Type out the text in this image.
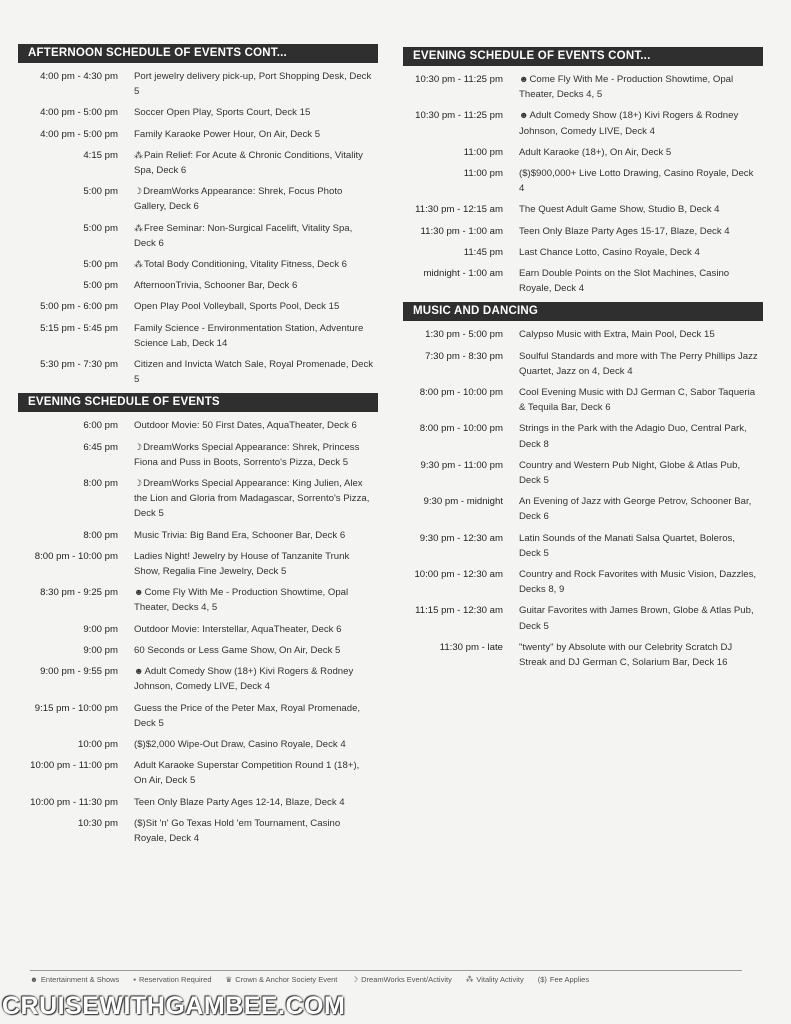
AFTERNOON SCHEDULE OF EVENTS CONT...
4:00 pm - 4:30 pm	Port jewelry delivery pick-up, Port Shopping Desk, Deck 5
4:00 pm - 5:00 pm	Soccer Open Play, Sports Court, Deck 15
4:00 pm - 5:00 pm	Family Karaoke Power Hour, On Air, Deck 5
4:15 pm	⁂Pain Relief: For Acute & Chronic Conditions, Vitality Spa, Deck 6
5:00 pm	☽DreamWorks Appearance: Shrek, Focus Photo Gallery, Deck 6
5:00 pm	⁂Free Seminar: Non-Surgical Facelift, Vitality Spa, Deck 6
5:00 pm	⁂Total Body Conditioning, Vitality Fitness, Deck 6
5:00 pm	AfternoonTrivia, Schooner Bar, Deck 6
5:00 pm - 6:00 pm	Open Play Pool Volleyball, Sports Pool, Deck 15
5:15 pm - 5:45 pm	Family Science - Environmentation Station, Adventure Science Lab, Deck 14
5:30 pm - 7:30 pm	Citizen and Invicta Watch Sale, Royal Promenade, Deck 5
EVENING SCHEDULE OF EVENTS
6:00 pm	Outdoor Movie: 50 First Dates, AquaTheater, Deck 6
6:45 pm	☽DreamWorks Special Appearance: Shrek, Princess Fiona and Puss in Boots, Sorrento's Pizza, Deck 5
8:00 pm	☽DreamWorks Special Appearance: King Julien, Alex the Lion and Gloria from Madagascar, Sorrento's Pizza, Deck 5
8:00 pm	Music Trivia: Big Band Era, Schooner Bar, Deck 6
8:00 pm - 10:00 pm	Ladies Night! Jewelry by House of Tanzanite Trunk Show, Regalia Fine Jewelry, Deck 5
8:30 pm - 9:25 pm	☻Come Fly With Me - Production Showtime, Opal Theater, Decks 4, 5
9:00 pm	Outdoor Movie: Interstellar, AquaTheater, Deck 6
9:00 pm	60 Seconds or Less Game Show, On Air, Deck 5
9:00 pm - 9:55 pm	☻Adult Comedy Show (18+) Kivi Rogers & Rodney Johnson, Comedy LIVE, Deck 4
9:15 pm - 10:00 pm	Guess the Price of the Peter Max, Royal Promenade, Deck 5
10:00 pm	($)$2,000 Wipe-Out Draw, Casino Royale, Deck 4
10:00 pm - 11:00 pm	Adult Karaoke Superstar Competition Round 1 (18+), On Air, Deck 5
10:00 pm - 11:30 pm	Teen Only Blaze Party Ages 12-14, Blaze, Deck 4
10:30 pm	($)Sit 'n' Go Texas Hold 'em Tournament, Casino Royale, Deck 4
EVENING SCHEDULE OF EVENTS CONT...
10:30 pm - 11:25 pm	☻Come Fly With Me - Production Showtime, Opal Theater, Decks 4, 5
10:30 pm - 11:25 pm	☻Adult Comedy Show (18+) Kivi Rogers & Rodney Johnson, Comedy LIVE, Deck 4
11:00 pm	Adult Karaoke (18+), On Air, Deck 5
11:00 pm	($)$900,000+ Live Lotto Drawing, Casino Royale, Deck 4
11:30 pm - 12:15 am	The Quest Adult Game Show, Studio B, Deck 4
11:30 pm - 1:00 am	Teen Only Blaze Party Ages 15-17, Blaze, Deck 4
11:45 pm	Last Chance Lotto, Casino Royale, Deck 4
midnight - 1:00 am	Earn Double Points on the Slot Machines, Casino Royale, Deck 4
MUSIC AND DANCING
1:30 pm - 5:00 pm	Calypso Music with Extra, Main Pool, Deck 15
7:30 pm - 8:30 pm	Soulful Standards and more with The Perry Phillips Jazz Quartet, Jazz on 4, Deck 4
8:00 pm - 10:00 pm	Cool Evening Music with DJ German C, Sabor Taqueria & Tequila Bar, Deck 6
8:00 pm - 10:00 pm	Strings in the Park with the Adagio Duo, Central Park, Deck 8
9:30 pm - 11:00 pm	Country and Western Pub Night, Globe & Atlas Pub, Deck 5
9:30 pm - midnight	An Evening of Jazz with George Petrov, Schooner Bar, Deck 6
9:30 pm - 12:30 am	Latin Sounds of the Manati Salsa Quartet, Boleros, Deck 5
10:00 pm - 12:30 am	Country and Rock Favorites with Music Vision, Dazzles, Decks 8, 9
11:15 pm - 12:30 am	Guitar Favorites with James Brown, Globe & Atlas Pub, Deck 5
11:30 pm - late	"twenty" by Absolute with our Celebrity Scratch DJ Streak and DJ German C, Solarium Bar, Deck 16
☻ Entertainment & Shows ▪ Reservation Required ♛ Crown & Anchor Society Event ☽ DreamWorks Event/Activity ⁂ Vitality Activity ($) Fee Applies
CRUISEWITHGAMBEE.COM
